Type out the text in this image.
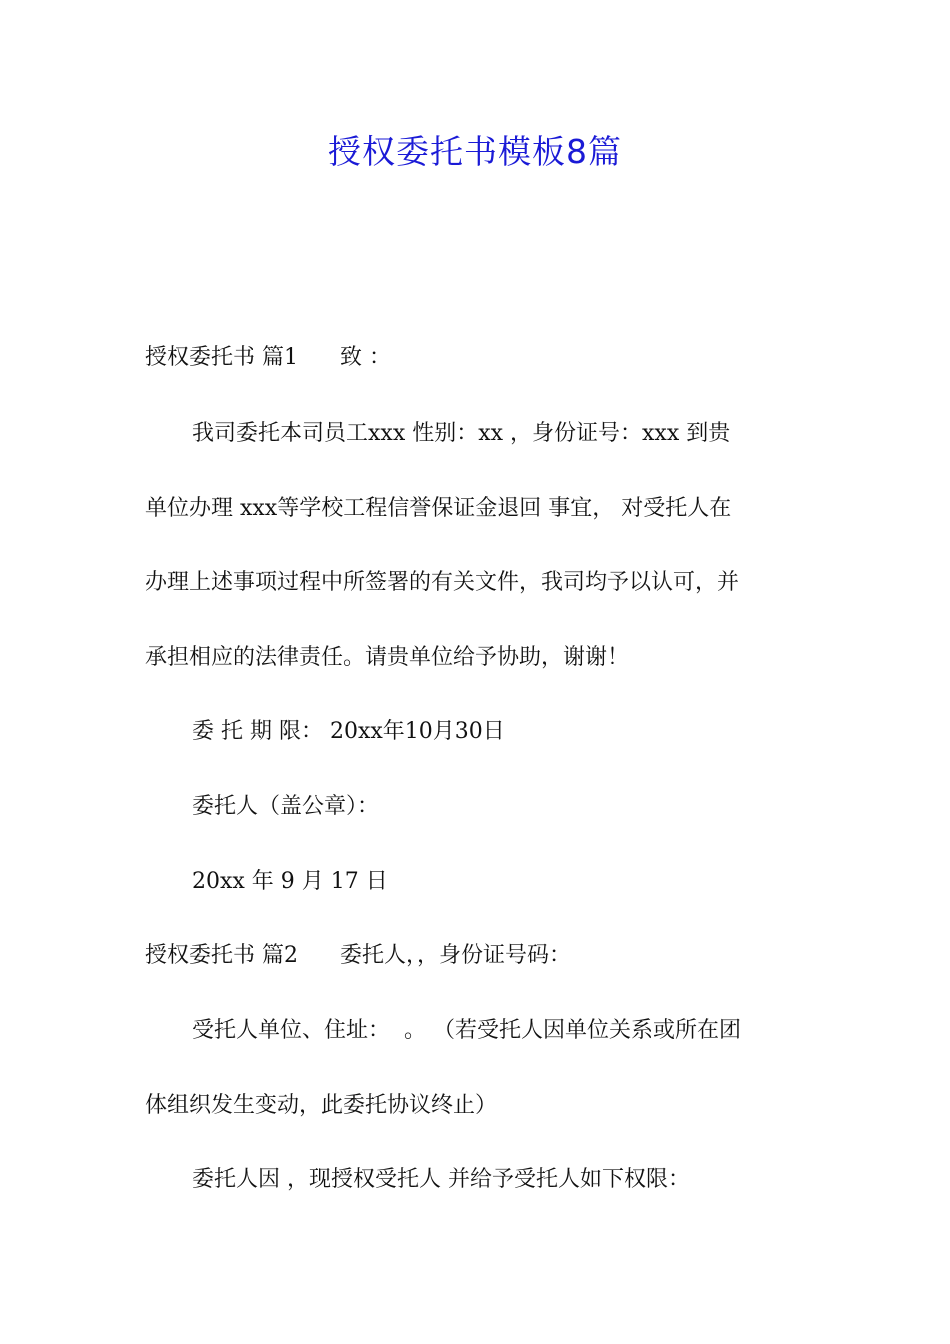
授权委托书模板8篇
授权委托书 篇1      致 ：
我司委托本司员工xxx 性别：xx ，身份证号：xxx 到贵
单位办理 xxx等学校工程信誉保证金退回 事宜， 对受托人在
办理上述事项过程中所签署的有关文件，我司均予以认可，并
承担相应的法律责任。请贵单位给予协助，谢谢！
委 托 期 限： 20xx年10月30日
委托人（盖公章）：
20xx 年 9 月 17 日
授权委托书 篇2      委托人，，身份证号码：
受托人单位、住址：  。 （若受托人因单位关系或所在团
体组织发生变动，此委托协议终止）
委托人因 ，现授权受托人 并给予受托人如下权限：
